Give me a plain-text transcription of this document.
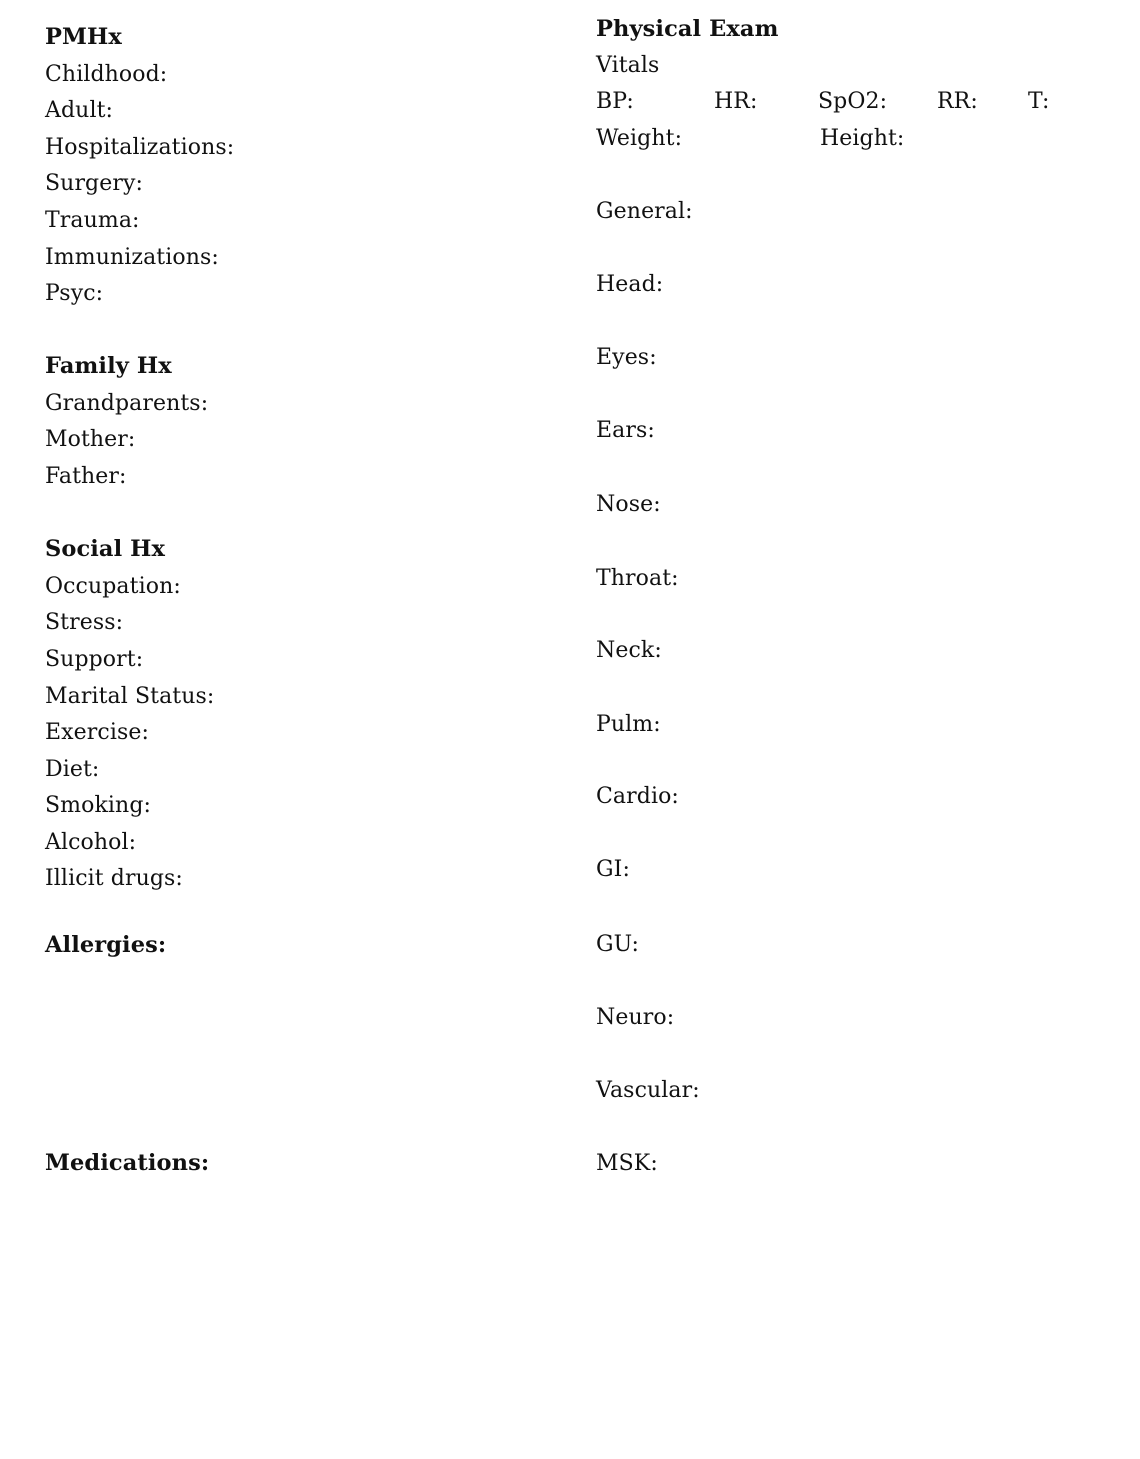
PMHx
Childhood:
Adult:
Hospitalizations:
Surgery:
Trauma:
Immunizations:
Psyc:
Family Hx
Grandparents:
Mother:
Father:
Social Hx
Occupation:
Stress:
Support:
Marital Status:
Exercise:
Diet:
Smoking:
Alcohol:
Illicit drugs:
Allergies:
Medications:
Physical Exam
Vitals
BP:	HR:	SpO2: RR: T:
Weight:	Height:
General:
Head:
Eyes:
Ears:
Nose:
Throat:
Neck:
Pulm:
Cardio:
GI:
GU:
Neuro:
Vascular:
MSK:
